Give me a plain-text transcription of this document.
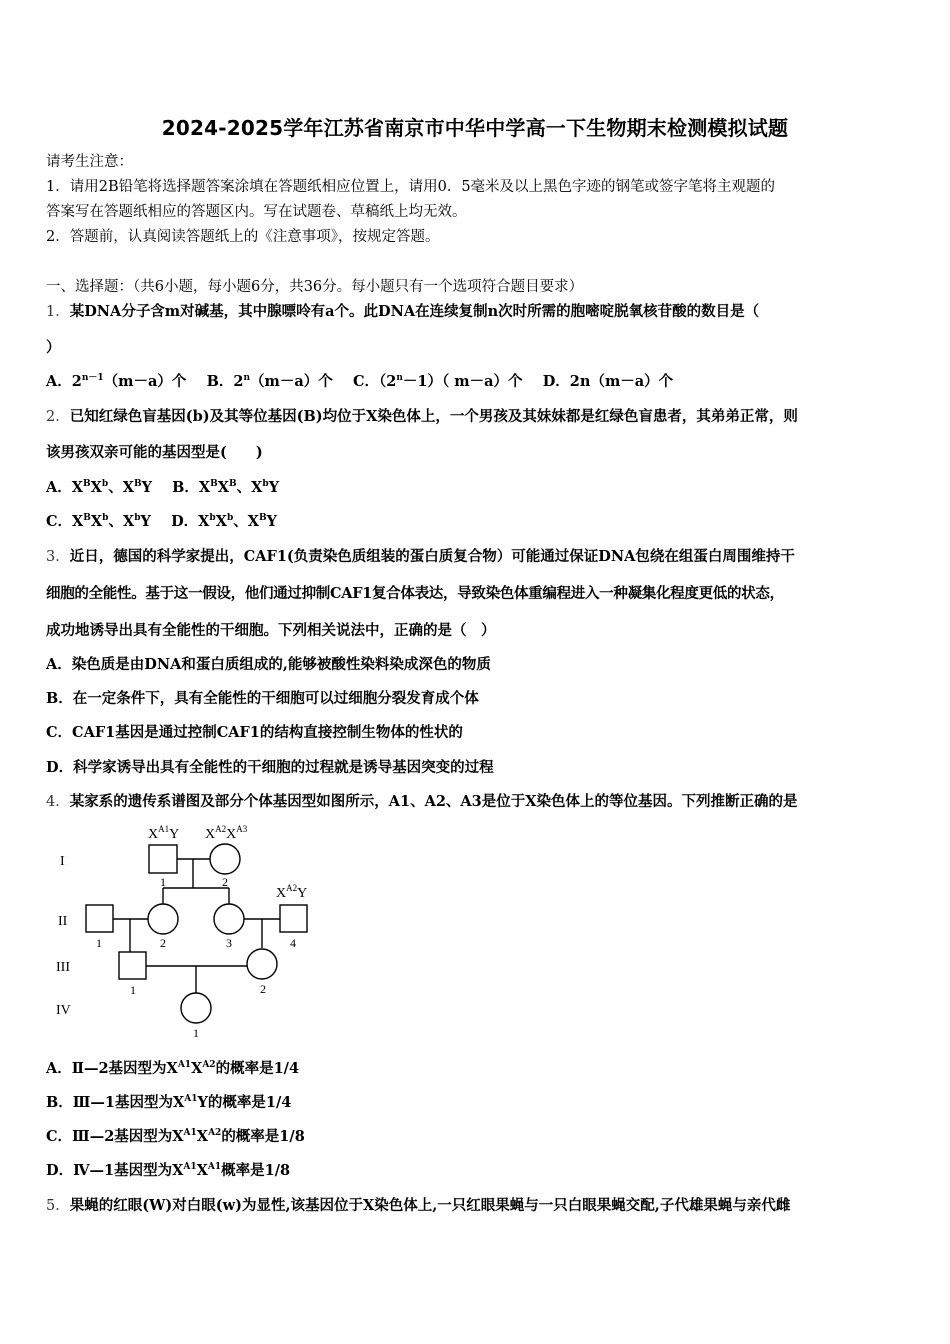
2024-2025学年江苏省南京市中华中学高一下生物期末检测模拟试题
请考生注意：
1．请用2B铅笔将选择题答案涂填在答题纸相应位置上，请用0．5毫米及以上黑色字迹的钢笔或签字笔将主观题的
答案写在答题纸相应的答题区内。写在试题卷、草稿纸上均无效。
2．答题前，认真阅读答题纸上的《注意事项》，按规定答题。
一、选择题：（共6小题，每小题6分，共36分。每小题只有一个选项符合题目要求）
1．某DNA分子含m对碱基，其中腺嘌呤有a个。此DNA在连续复制n次时所需的胞嘧啶脱氧核苷酸的数目是（
）
A．$2^{n-1}(m-a)$个 B．$2^n(m-a)$个 C．$(2^n-1)$（ m－a）个 D．2n（m－a）个
2．已知红绿色盲基因(b)及其等位基因(B)均位于X染色体上，一个男孩及其妹妹都是红绿色盲患者，其弟弟正常，则
该男孩双亲可能的基因型是(　　)
A．$X^BX^b$、$X^BY$ B．$X^BX^B$、$X^bY$
C．$X^BX^b$、$X^bY$ D．$X^bX^b$、$X^BY$
3．近日，德国的科学家提出，CAF1(负责染色质组装的蛋白质复合物）可能通过保证DNA包绕在组蛋白周围维持干
细胞的全能性。基于这一假设，他们通过抑制CAF1复合体表达，导致染色体重编程进入一种凝集化程度更低的状态，
成功地诱导出具有全能性的干细胞。下列相关说法中，正确的是（　）
A．染色质是由DNA和蛋白质组成的,能够被酸性染料染成深色的物质
B．在一定条件下，具有全能性的干细胞可以过细胞分裂发育成个体
C．CAF1基因是通过控制CAF1的结构直接控制生物体的性状的
D．科学家诱导出具有全能性的干细胞的过程就是诱导基因突变的过程
4．某家系的遗传系谱图及部分个体基因型如图所示，A1、A2、A3是位于X染色体上的等位基因。下列推断正确的是
I
II
III
IV
1	2
1	2	3	4
1	2
1
$X^{A1}Y$ $X^{A2}X^{A3}$
$X^{A2}Y$
A．Ⅱ—2基因型为$X^{A1}X^{A2}$的概率是1/4
B．Ⅲ—1基因型为$X^{A1}Y$的概率是1/4
C．Ⅲ—2基因型为$X^{A1}X^{A2}$的概率是1/8
D．Ⅳ—1基因型为$X^{A1}X^{A1}$概率是1/8
5．果蝇的红眼(W)对白眼(w)为显性,该基因位于X染色体上,一只红眼果蝇与一只白眼果蝇交配,子代雄果蝇与亲代雌
